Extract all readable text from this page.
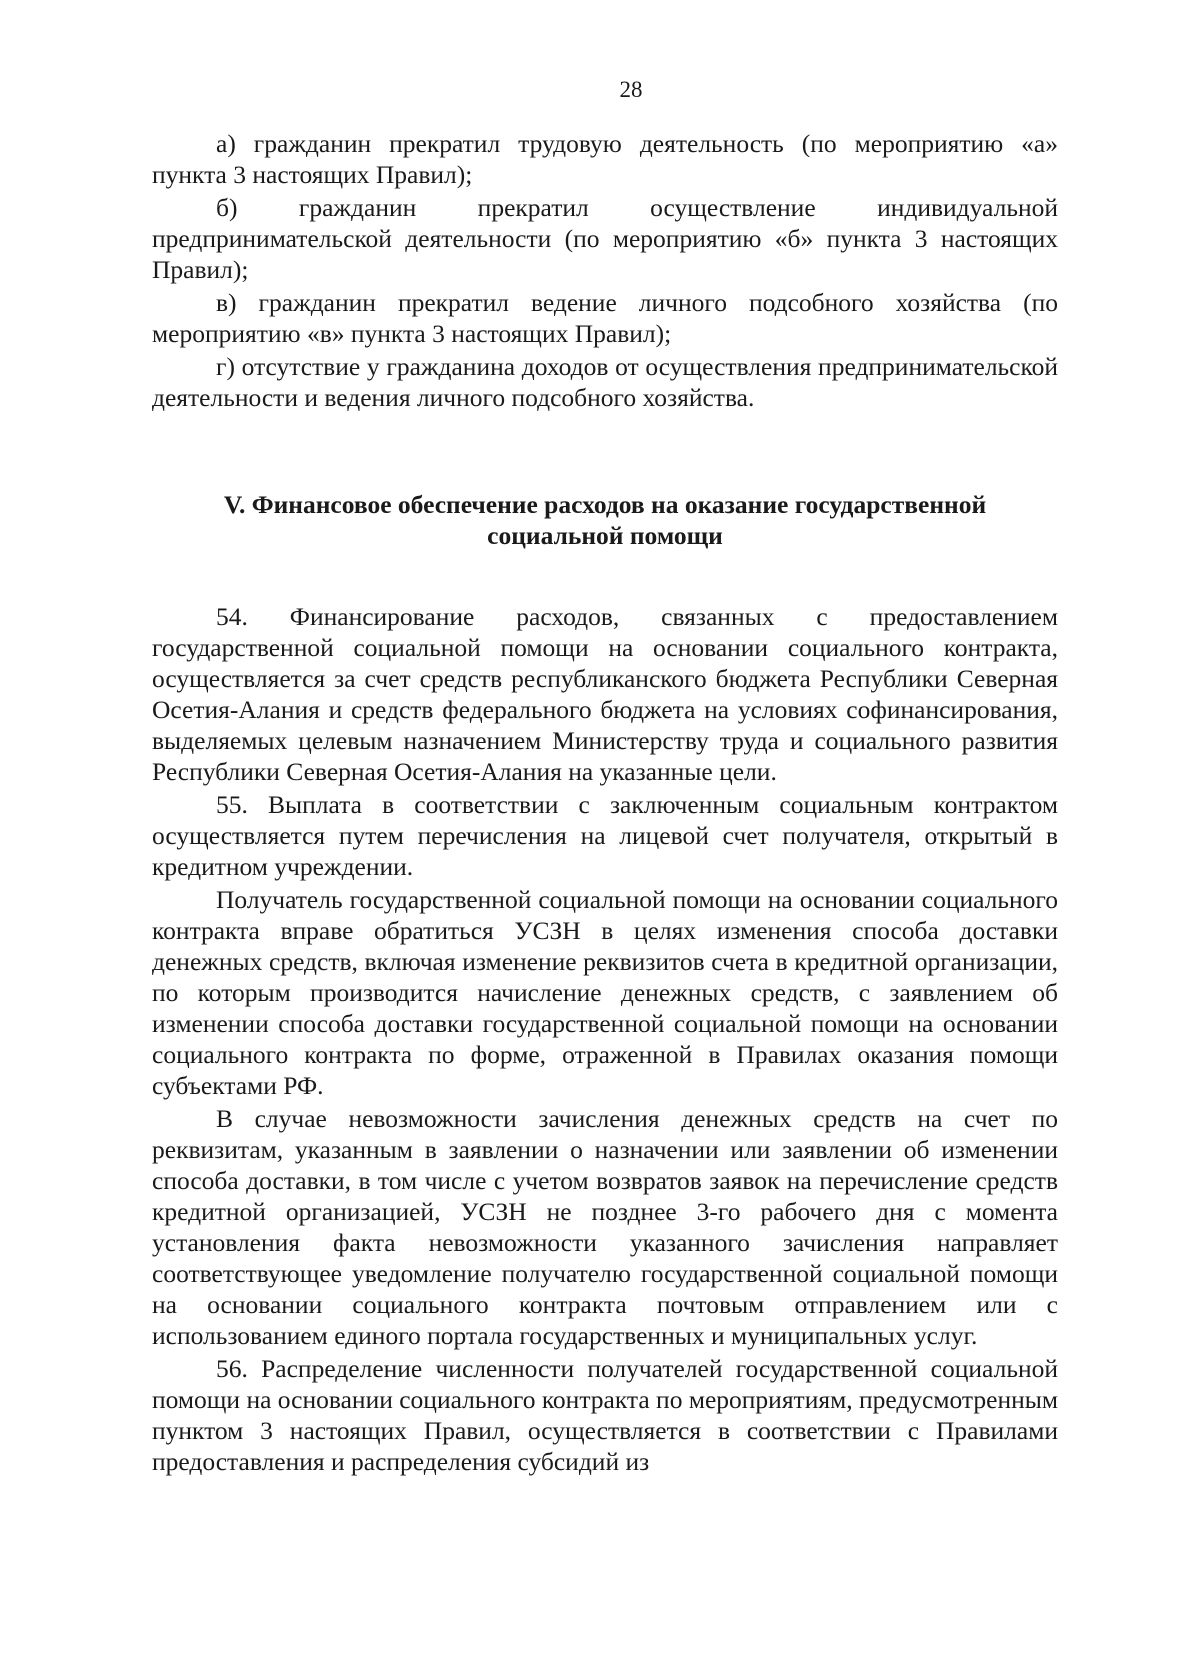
28

а) гражданин прекратил трудовую деятельность (по мероприятию «а» пункта 3 настоящих Правил);

б) гражданин прекратил осуществление индивидуальной предпринимательской деятельности (по мероприятию «б» пункта 3 настоящих Правил);

в) гражданин прекратил ведение личного подсобного хозяйства (по мероприятию «в» пункта 3 настоящих Правил);

г) отсутствие у гражданина доходов от осуществления предпринимательской деятельности и ведения личного подсобного хозяйства.

V. Финансовое обеспечение расходов на оказание государственной социальной помощи

54. Финансирование расходов, связанных с предоставлением государственной социальной помощи на основании социального контракта, осуществляется за счет средств республиканского бюджета Республики Северная Осетия-Алания и средств федерального бюджета на условиях софинансирования, выделяемых целевым назначением Министерству труда и социального развития Республики Северная Осетия-Алания на указанные цели.

55. Выплата в соответствии с заключенным социальным контрактом осуществляется путем перечисления на лицевой счет получателя, открытый в кредитном учреждении.

Получатель государственной социальной помощи на основании социального контракта вправе обратиться УСЗН в целях изменения способа доставки денежных средств, включая изменение реквизитов счета в кредитной организации, по которым производится начисление денежных средств, с заявлением об изменении способа доставки государственной социальной помощи на основании социального контракта по форме, отраженной в Правилах оказания помощи субъектами РФ.

В случае невозможности зачисления денежных средств на счет по реквизитам, указанным в заявлении о назначении или заявлении об изменении способа доставки, в том числе с учетом возвратов заявок на перечисление средств кредитной организацией, УСЗН не позднее 3-го рабочего дня с момента установления факта невозможности указанного зачисления направляет соответствующее уведомление получателю государственной социальной помощи на основании социального контракта почтовым отправлением или с использованием единого портала государственных и муниципальных услуг.

56. Распределение численности получателей государственной социальной помощи на основании социального контракта по мероприятиям, предусмотренным пунктом 3 настоящих Правил, осуществляется в соответствии с Правилами предоставления и распределения субсидий из
